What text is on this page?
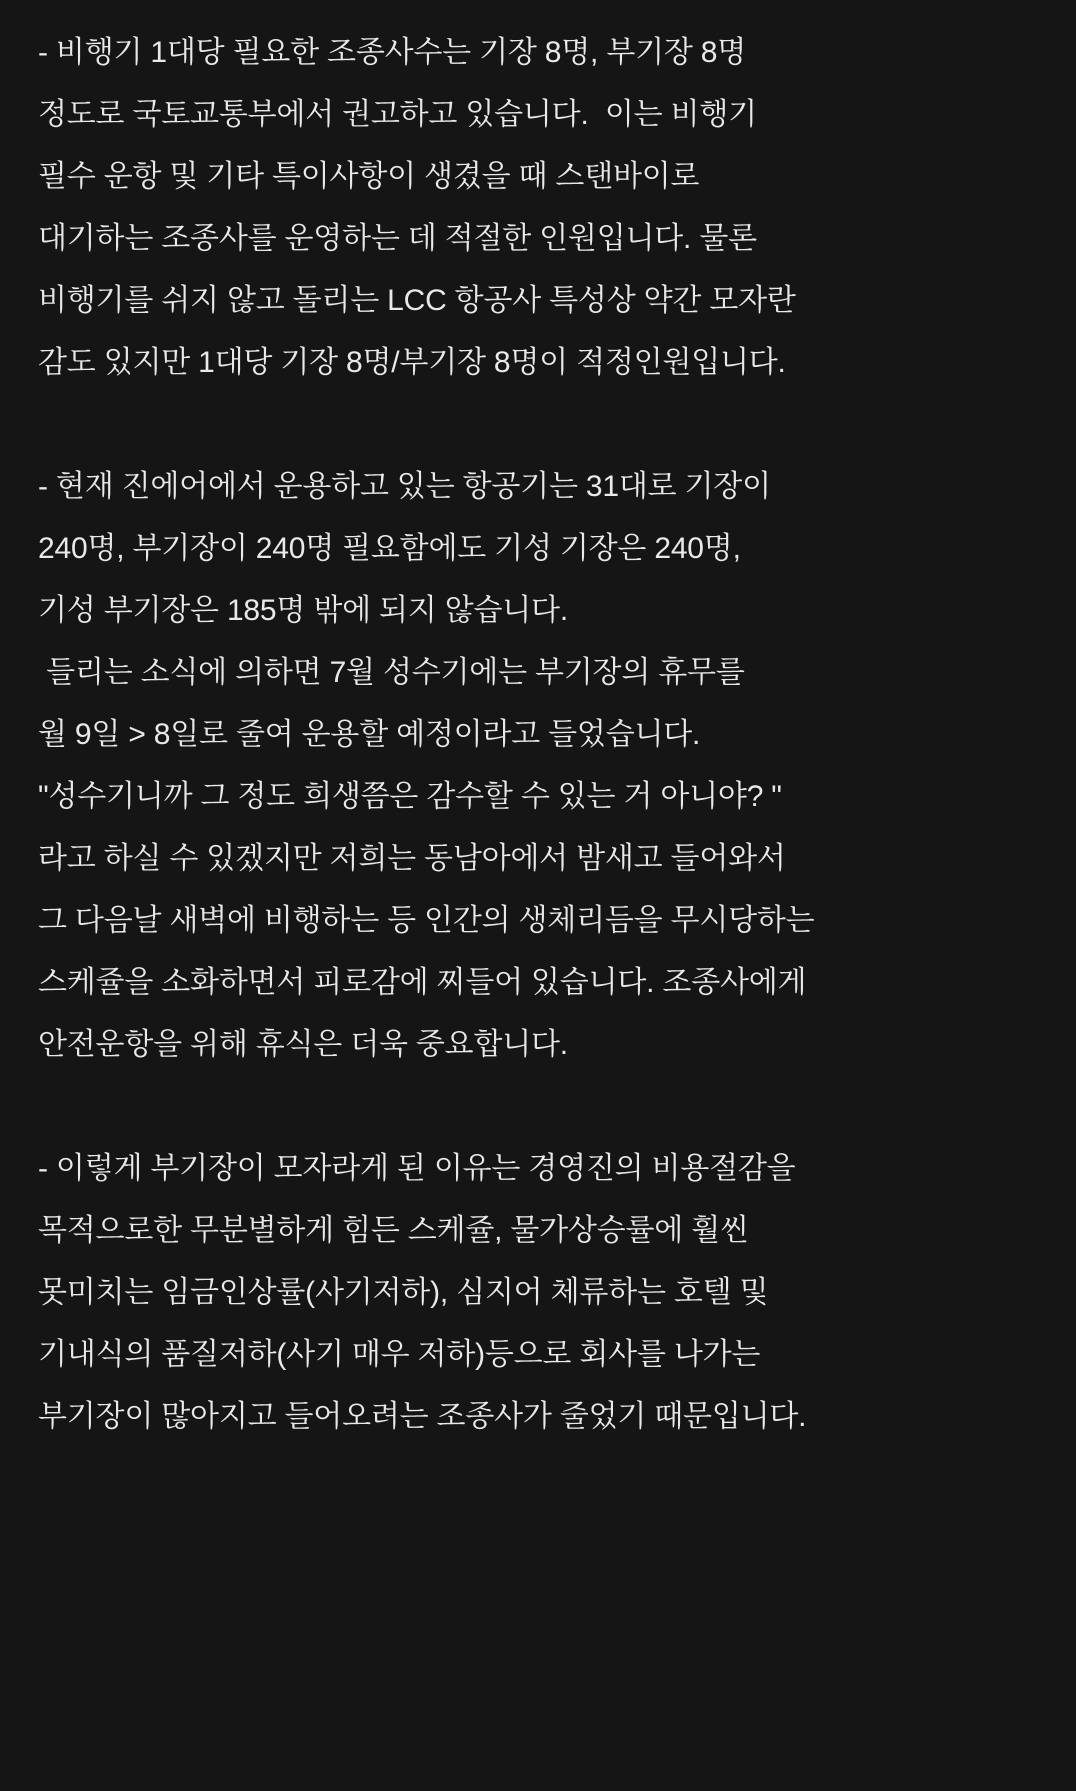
- 비행기 1대당 필요한 조종사수는 기장 8명, 부기장 8명
정도로 국토교통부에서 권고하고 있습니다.  이는 비행기
필수 운항 및 기타 특이사항이 생겼을 때 스탠바이로
대기하는 조종사를 운영하는 데 적절한 인원입니다. 물론
비행기를 쉬지 않고 돌리는 LCC 항공사 특성상 약간 모자란
감도 있지만 1대당 기장 8명/부기장 8명이 적정인원입니다.
- 현재 진에어에서 운용하고 있는 항공기는 31대로 기장이
240명, 부기장이 240명 필요함에도 기성 기장은 240명,
기성 부기장은 185명 밖에 되지 않습니다.
들리는 소식에 의하면 7월 성수기에는 부기장의 휴무를
월 9일 > 8일로 줄여 운용할 예정이라고 들었습니다.
"성수기니까 그 정도 희생쯤은 감수할 수 있는 거 아니야? "
라고 하실 수 있겠지만 저희는 동남아에서 밤새고 들어와서
그 다음날 새벽에 비행하는 등 인간의 생체리듬을 무시당하는
스케쥴을 소화하면서 피로감에 찌들어 있습니다. 조종사에게
안전운항을 위해 휴식은 더욱 중요합니다.
- 이렇게 부기장이 모자라게 된 이유는 경영진의 비용절감을
목적으로한 무분별하게 힘든 스케쥴, 물가상승률에 훨씬
못미치는 임금인상률(사기저하), 심지어 체류하는 호텔 및
기내식의 품질저하(사기 매우 저하)등으로 회사를 나가는
부기장이 많아지고 들어오려는 조종사가 줄었기 때문입니다.
